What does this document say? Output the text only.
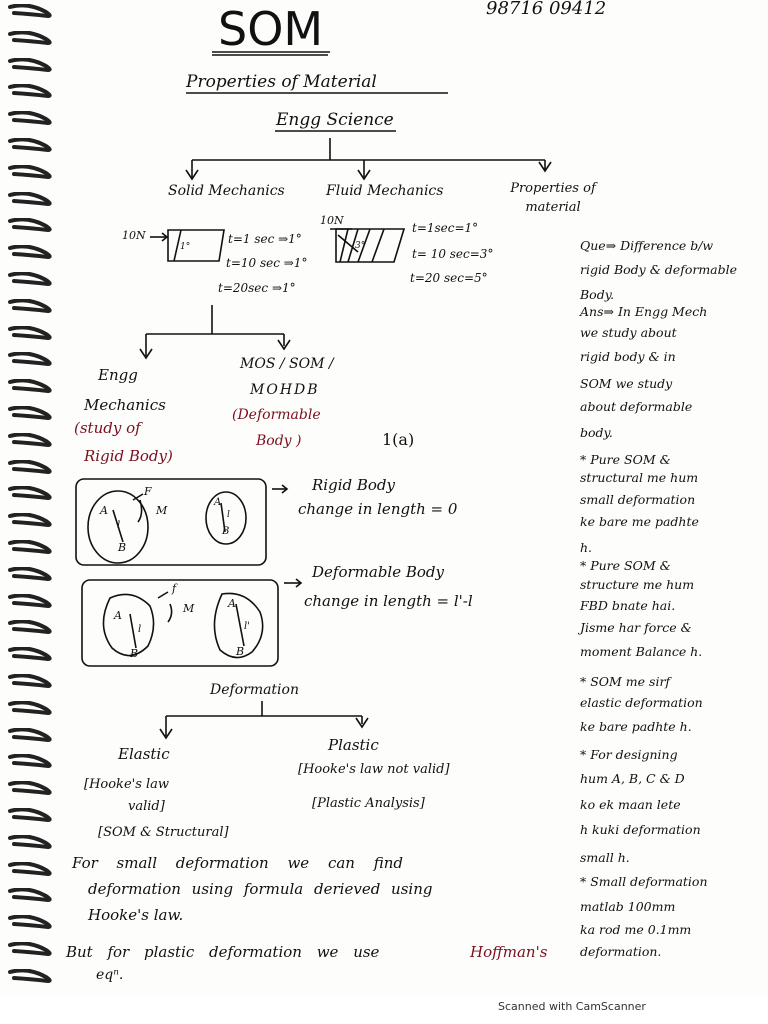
SOM	98716 09412
Properties of Material
Engg Science
Solid Mechanics	Fluid Mechanics	Properties of material
10N
1°
t=1 sec ⇒1°
t=10 sec ⇒1°
t=20sec ⇒1°
10N
3°
t=1sec=1°
t= 10 sec=3°
t=20 sec=5°
Engg
Mechanics
(study of
Rigid Body)
MOS / SOM /
MOHDB
(Deformable
Body )	1(a)
F
M
A
l
B
A
l
B
Rigid Body
change in length = 0
f
M
A
l
B
A
l'
B
Deformable Body
change in length = l'-l
Deformation
Elastic
[Hooke's law
valid]
[SOM & Structural]
Plastic
[Hooke's law not valid]
[Plastic Analysis]
For small deformation we can find
deformation using formula derieved using
Hooke's law.
But for plastic deformation we use	Hoffman's
eqⁿ.
Que⇒ Difference b/w
rigid Body & deformable
Body.
Ans⇒ In Engg Mech
we study about
rigid body & in
SOM we study
about deformable
body.
* Pure SOM &
structural me hum
small deformation
ke bare me padhte
h.
* Pure SOM &
structure me hum
FBD bnate hai.
Jisme har force &
moment Balance h.
* SOM me sirf
elastic deformation
ke bare padhte h.
* For designing
hum A, B, C & D
ko ek maan lete
h kuki deformation
small h.
* Small deformation
matlab 100mm
ka rod me 0.1mm
deformation.
Scanned with CamScanner
